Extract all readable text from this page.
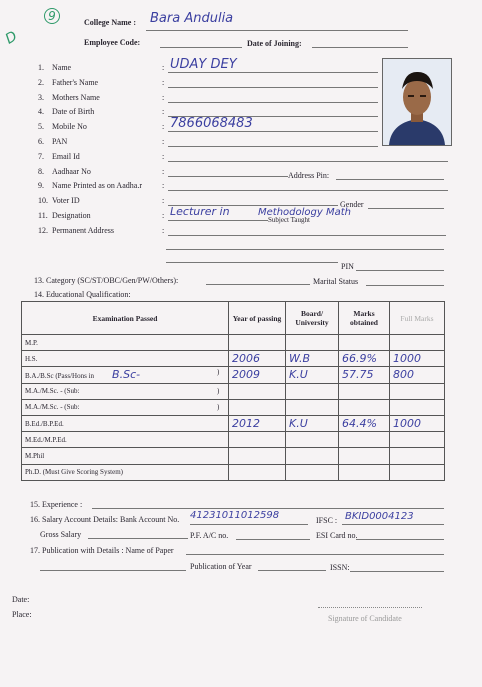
D
9	College Name : Bara Andulia
Employee Code:	Date of Joining:
1. Name	: UDAY DEY
2. Father's Name	:
3. Mothers Name	:
4. Date of Birth	:
5. Mobile No	: 7866068483
6. PAN	:
7. Email Id	:
8. Aadhaar No	:
9. Name Printed as on Aadha.r	:
10. Voter ID	:
11. Designation	: Lecturer in
12. Permanent Address	:
Address Pin:
Gender
Subject Taught
Methodology Math
PIN
13. Category (SC/ST/OBC/Gen/PW/Others):	Marital Status
14. Educational Qualification:
Examination Passed	Year of passing	Board/ University	Marks obtained	Full Marks
M.P.				
H.S.	2006	W.B	66.9%	1000
B.A./B.Sc (Pass/Hons in B.Sc- )	2009	K.U	57.75	800
M.A./M.Sc. - (Sub: )				

M.A./M.Sc. - (Sub: )				

B.Ed./B.P.Ed.	2012	K.U	64.4%	1000
M.Ed./M.P.Ed.				
M.Phil				
Ph.D. (Must Give Scoring System)				
15. Experience :
16. Salary Account Details: Bank Account No. 41231011012598	IFSC : BKID0004123
Gross Salary	P.F. A/C no.	ESI Card no.
17. Publication with Details : Name of Paper
Publication of Year	ISSN:
Date:
Place:	Signature of Candidate
